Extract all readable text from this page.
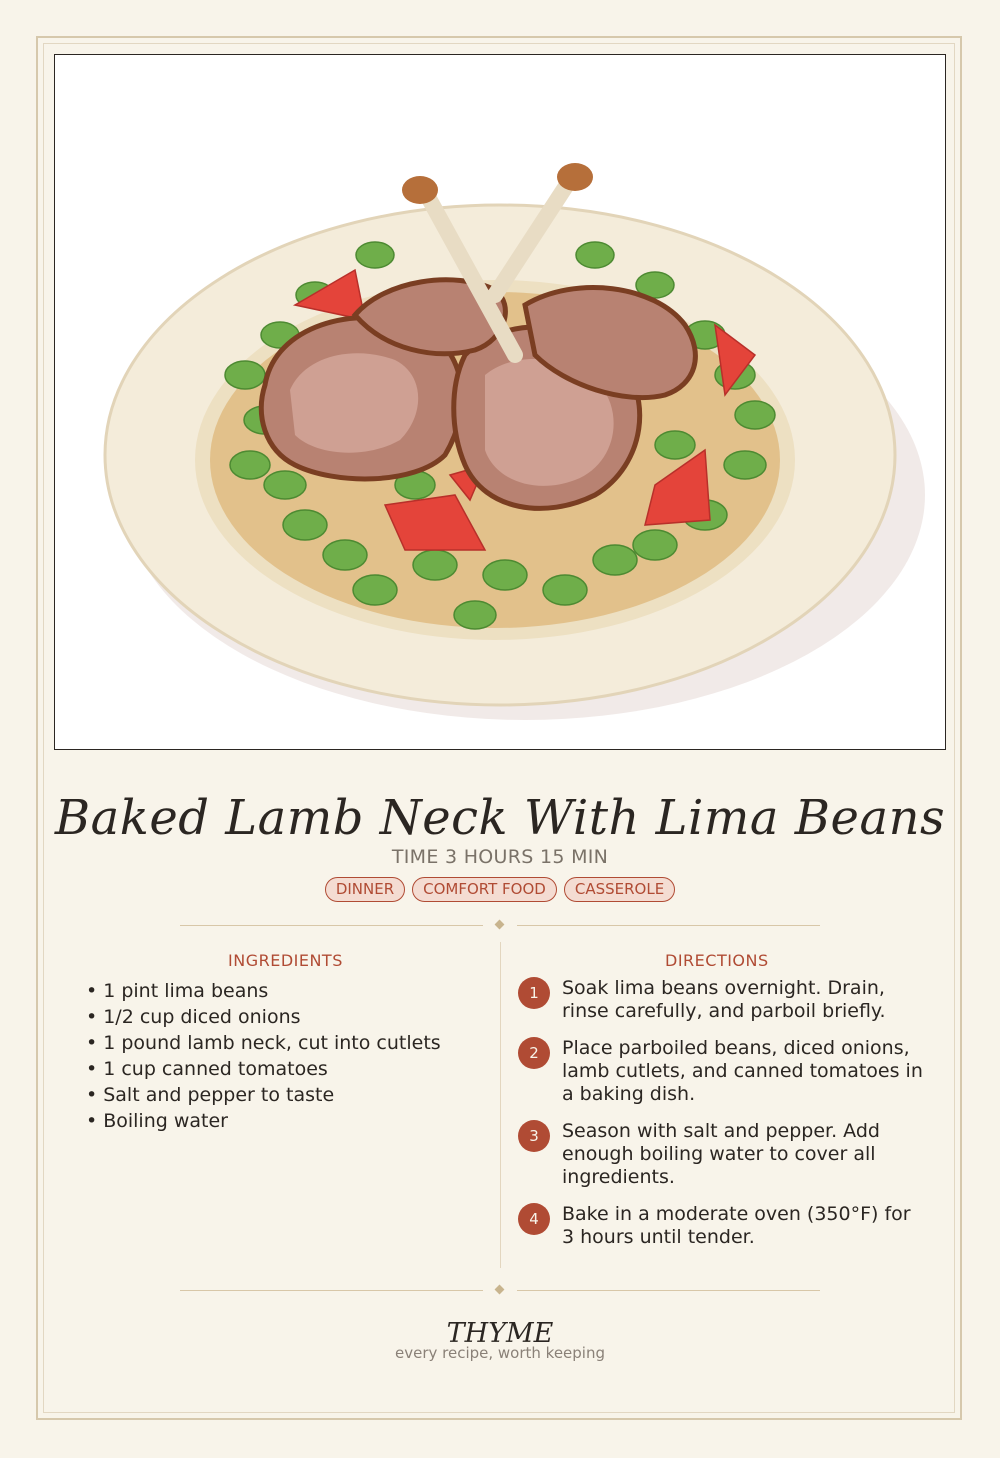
Baked Lamb Neck With Lima Beans
TIME 3 HOURS 15 MIN
DINNER	COMFORT FOOD	CASSEROLE
INGREDIENTS
• 1 pint lima beans
• 1/2 cup diced onions
• 1 pound lamb neck, cut into cutlets
• 1 cup canned tomatoes
• Salt and pepper to taste
• Boiling water
DIRECTIONS
1	Soak lima beans overnight. Drain, rinse carefully, and parboil briefly.
2	Place parboiled beans, diced onions, lamb cutlets, and canned tomatoes in a baking dish.
3	Season with salt and pepper. Add enough boiling water to cover all ingredients.
4	Bake in a moderate oven (350°F) for 3 hours until tender.
THYME
every recipe, worth keeping
